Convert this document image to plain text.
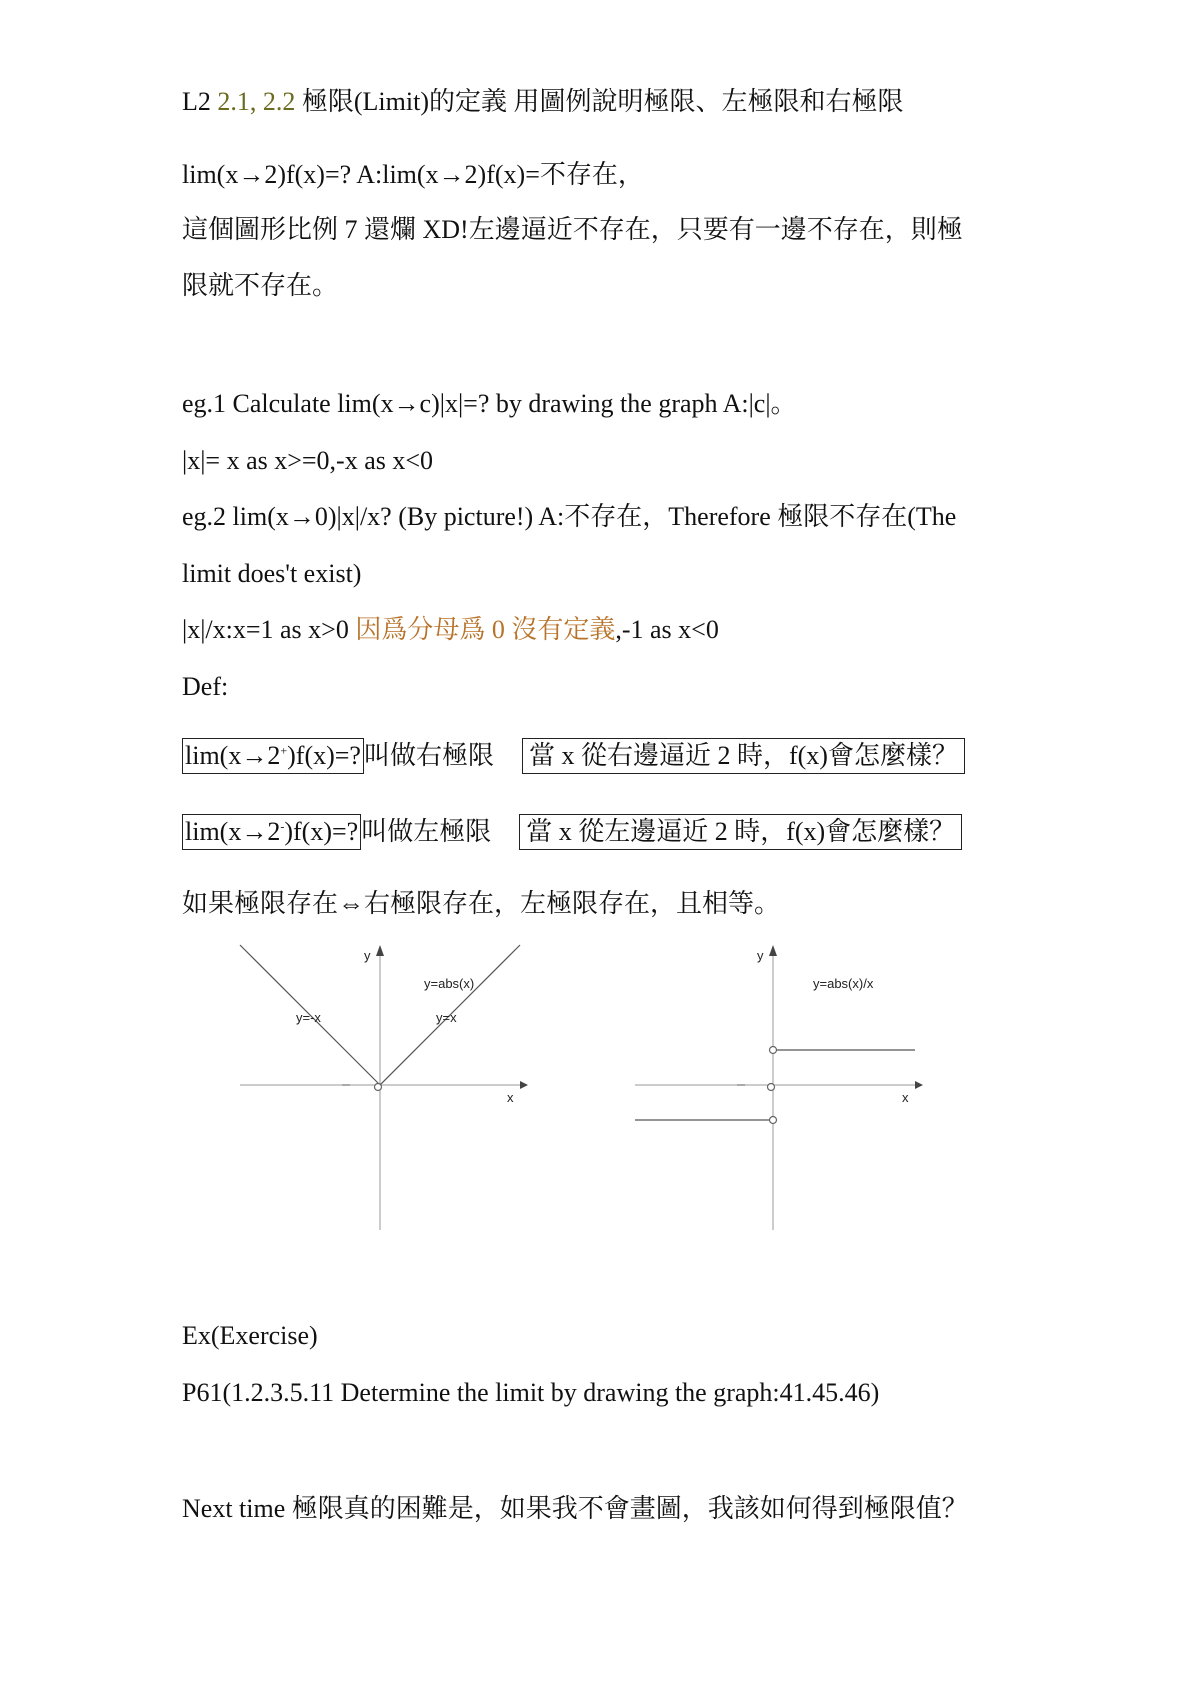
L2 2.1, 2.2 極限(Limit)的定義 用圖例說明極限、左極限和右極限
lim(x→2)f(x)=? A:lim(x→2)f(x)=不存在，
這個圖形比例 7 還爛 XD!左邊逼近不存在，只要有一邊不存在，則極
限就不存在。
eg.1 Calculate lim(x→c)|x|=? by drawing the graph A:|c|。
|x|= x as x>=0,-x as x<0
eg.2 lim(x→0)|x|/x? (By picture!) A:不存在，Therefore 極限不存在(The
limit does't exist)
|x|/x:x=1 as x>0 因爲分母爲 0 沒有定義,-1 as x<0
Def:
lim(x→2+)f(x)=? 叫做右極限 當 x 從右邊逼近 2 時，f(x)會怎麼樣？
lim(x→2-)f(x)=? 叫做左極限 當 x 從左邊逼近 2 時，f(x)會怎麼樣？
如果極限存在⇔右極限存在，左極限存在，且相等。
y
x
y=abs(x)
y=-x	y=x
y
x
y=abs(x)/x
Ex(Exercise)
P61(1.2.3.5.11 Determine the limit by drawing the graph:41.45.46)
Next time 極限真的困難是，如果我不會畫圖，我該如何得到極限值？
